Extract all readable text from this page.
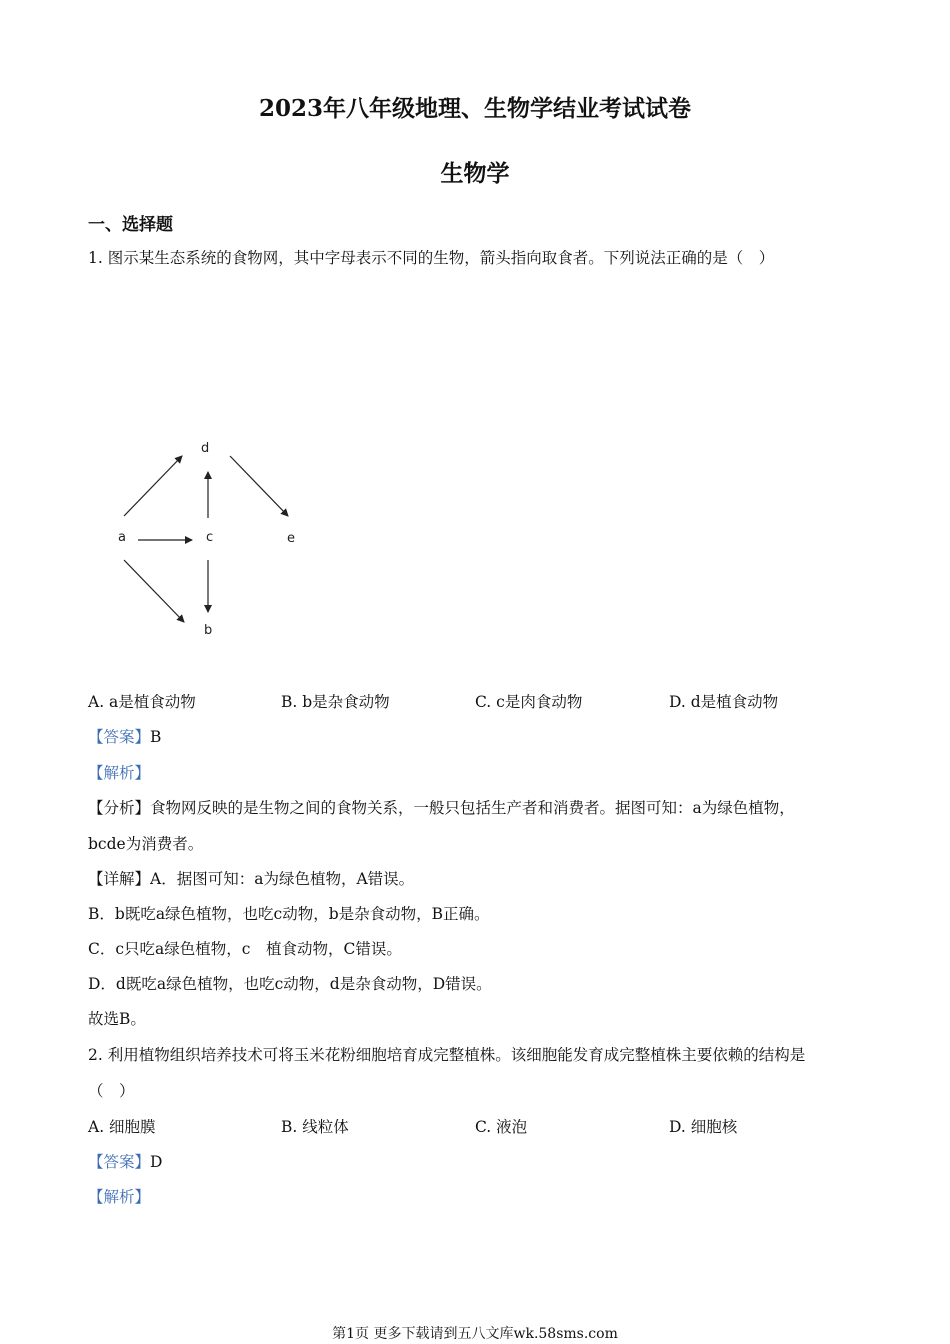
2023年八年级地理、生物学结业考试试卷
生物学
一、选择题
1. 图示某生态系统的食物网，其中字母表示不同的生物，箭头指向取食者。下列说法正确的是（　）
a
b
c
d
e
A. a是植食动物	B. b是杂食动物	C. c是肉食动物	D. d是植食动物
【答案】B
【解析】
【分析】食物网反映的是生物之间的食物关系，一般只包括生产者和消费者。据图可知：a为绿色植物，
bcde为消费者。
【详解】A．据图可知：a为绿色植物，A错误。
B．b既吃a绿色植物，也吃c动物，b是杂食动物，B正确。
C．c只吃a绿色植物，c　植食动物，C错误。
D．d既吃a绿色植物，也吃c动物，d是杂食动物，D错误。
故选B。
2. 利用植物组织培养技术可将玉米花粉细胞培育成完整植株。该细胞能发育成完整植株主要依赖的结构是
（　）
A. 细胞膜	B. 线粒体	C. 液泡	D. 细胞核
【答案】D
【解析】
第1页 更多下载请到五八文库wk.58sms.com
